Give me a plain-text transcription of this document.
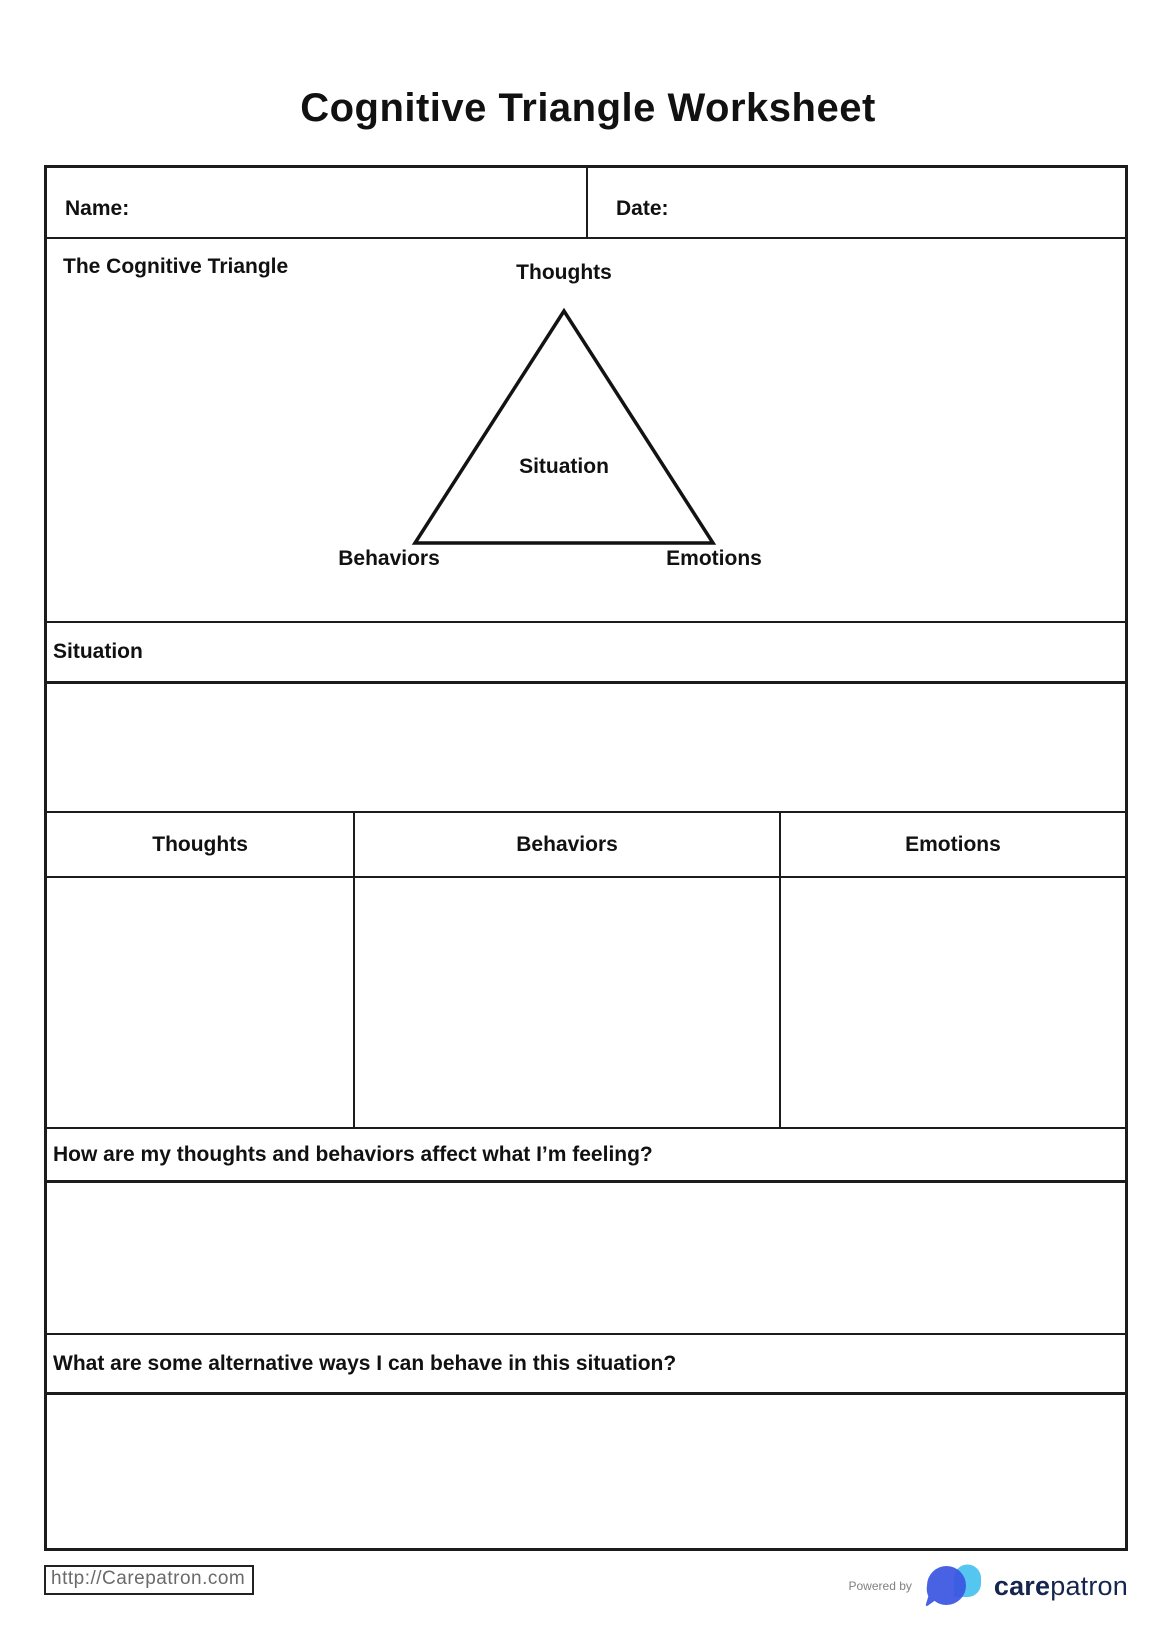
Cognitive Triangle Worksheet
Name:	Date:
The Cognitive Triangle	Thoughts
Situation
Behaviors	Emotions
Situation
Thoughts	Behaviors	Emotions
How are my thoughts and behaviors affect what I’m feeling?
What are some alternative ways I can behave in this situation?
http://Carepatron.com	Powered by	carepatron
